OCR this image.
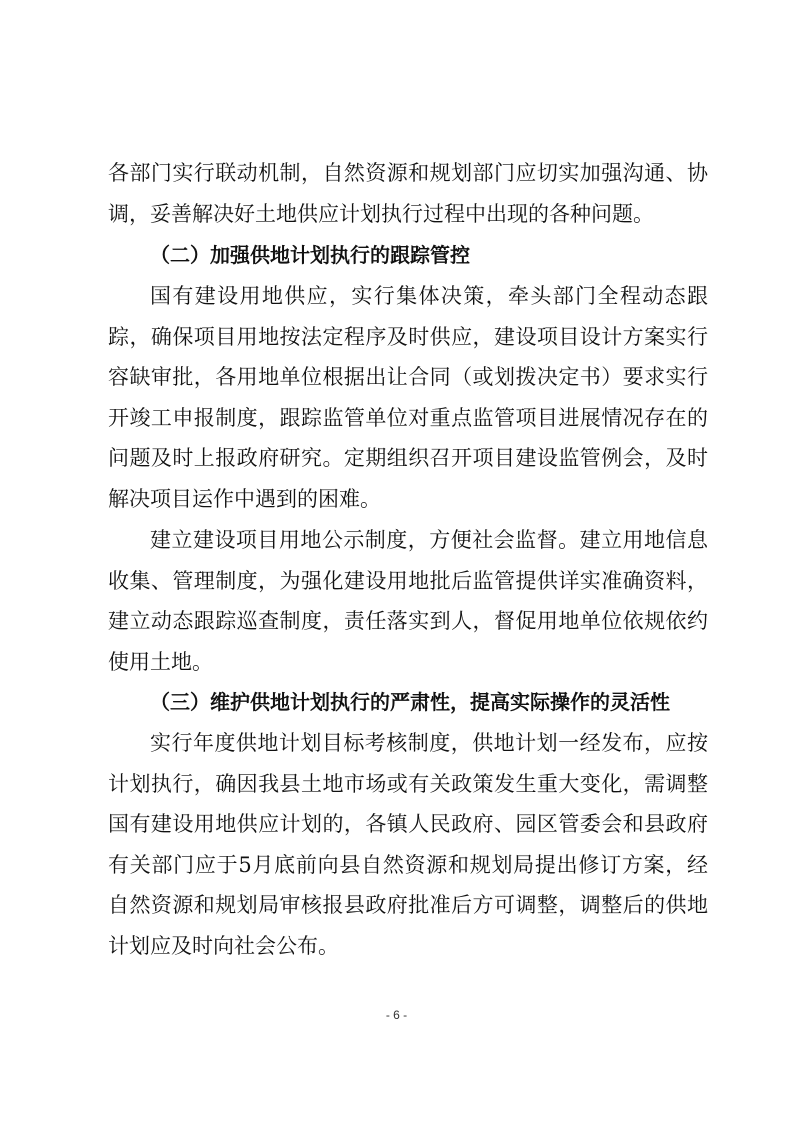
各部门实行联动机制，自然资源和规划部门应切实加强沟通、协调，妥善解决好土地供应计划执行过程中出现的各种问题。

（二）加强供地计划执行的跟踪管控

国有建设用地供应，实行集体决策，牵头部门全程动态跟踪，确保项目用地按法定程序及时供应，建设项目设计方案实行容缺审批，各用地单位根据出让合同（或划拨决定书）要求实行开竣工申报制度，跟踪监管单位对重点监管项目进展情况存在的问题及时上报政府研究。定期组织召开项目建设监管例会，及时解决项目运作中遇到的困难。

建立建设项目用地公示制度，方便社会监督。建立用地信息收集、管理制度，为强化建设用地批后监管提供详实准确资料，建立动态跟踪巡查制度，责任落实到人，督促用地单位依规依约使用土地。

（三）维护供地计划执行的严肃性，提高实际操作的灵活性

实行年度供地计划目标考核制度，供地计划一经发布，应按计划执行，确因我县土地市场或有关政策发生重大变化，需调整国有建设用地供应计划的，各镇人民政府、园区管委会和县政府有关部门应于5月底前向县自然资源和规划局提出修订方案，经自然资源和规划局审核报县政府批准后方可调整，调整后的供地计划应及时向社会公布。

- 6 -
